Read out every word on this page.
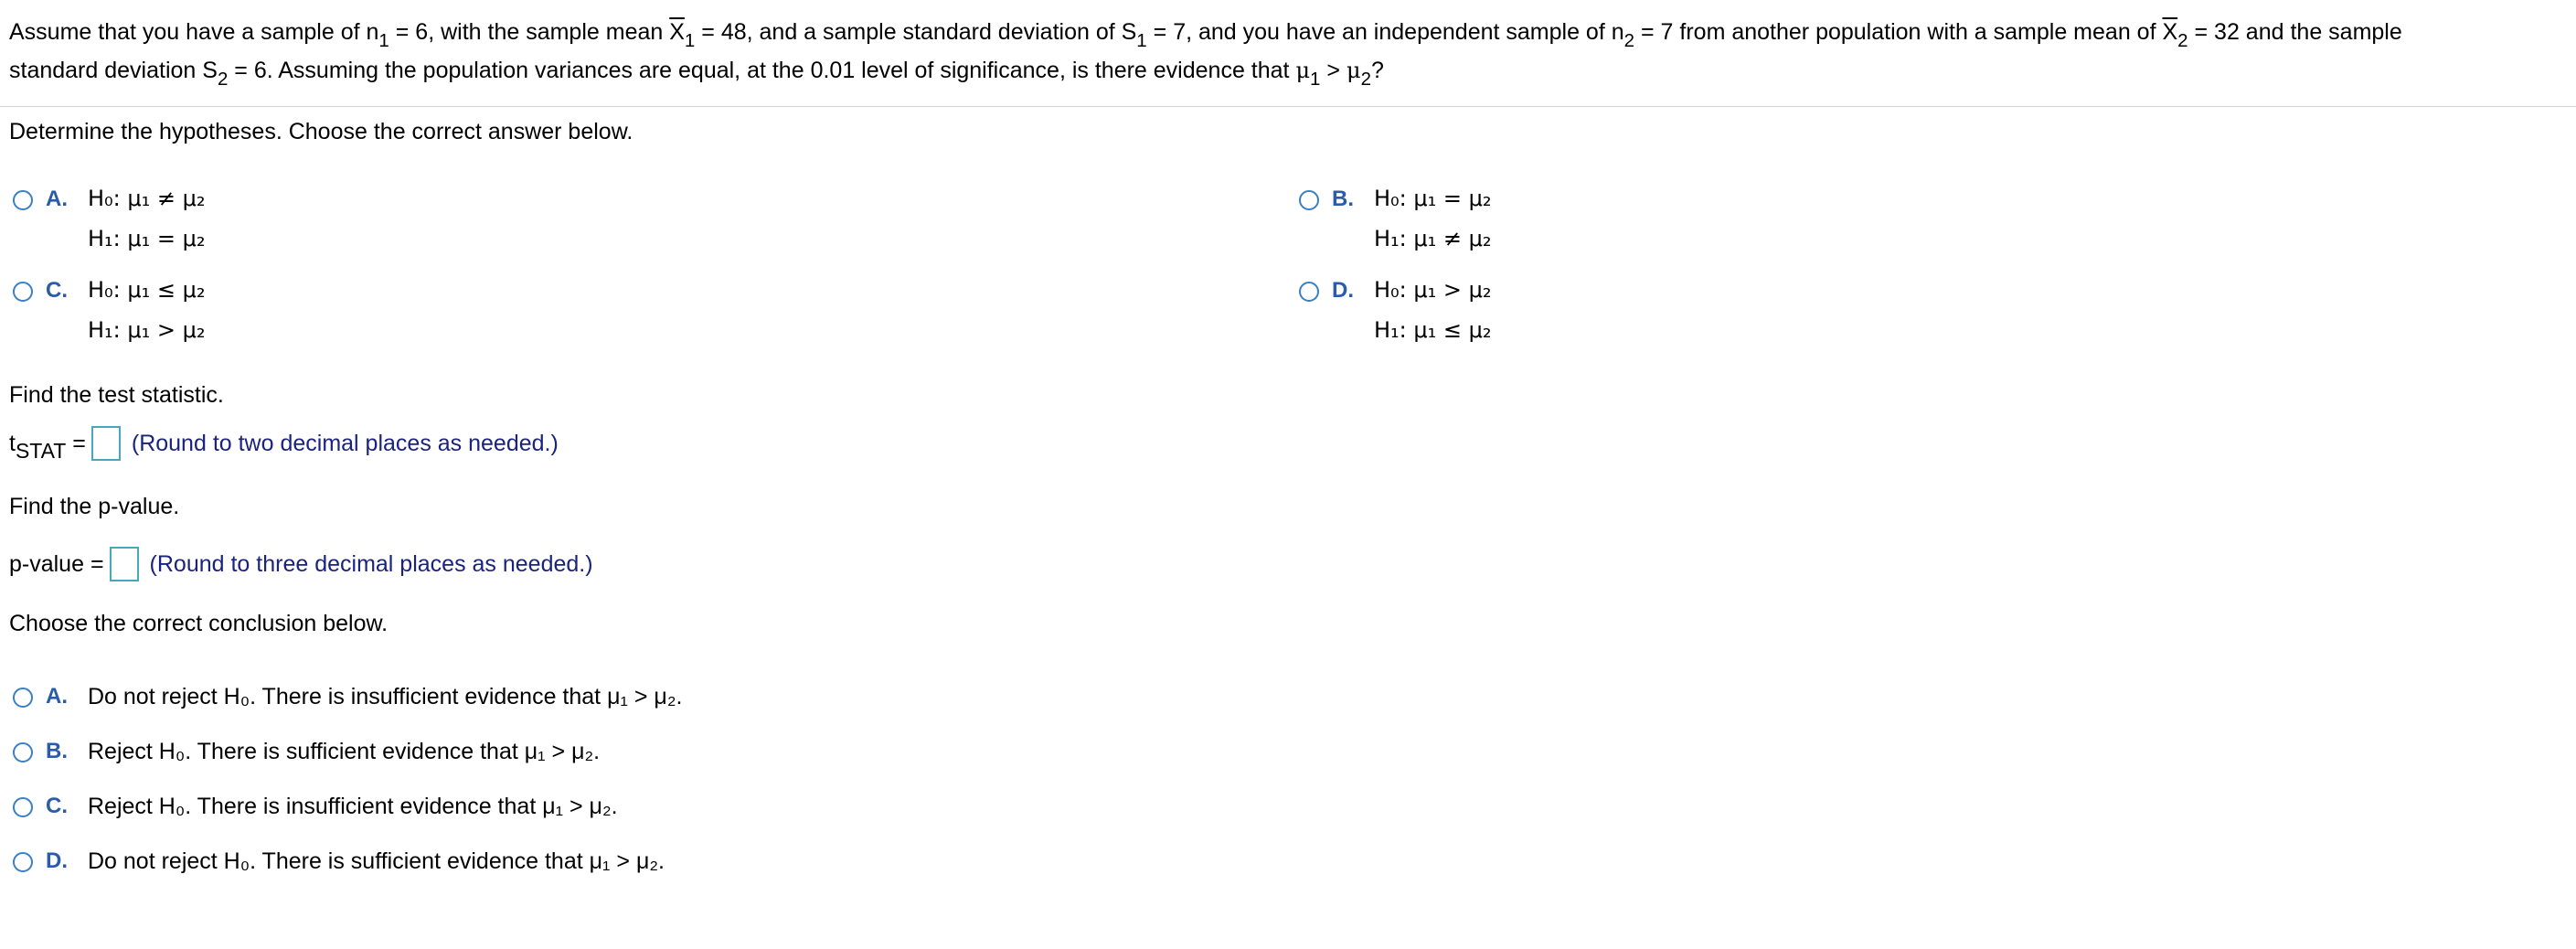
Assume that you have a sample of $n_1 = 6$, with the sample mean $\overline{X}_1 = 48$, and a sample standard deviation of $S_1 = 7$, and you have an independent sample of $n_2 = 7$ from another population with a sample mean of $\overline{X}_2 = 32$ and the sample
standard deviation $S_2 = 6$. Assuming the population variances are equal, at the 0.01 level of significance, is there evidence that $\mu_1 > \mu_2$?
Determine the hypotheses. Choose the correct answer below.
A. H₀: μ₁ ≠ μ₂
H₁: μ₁ = μ₂
B. H₀: μ₁ = μ₂
H₁: μ₁ ≠ μ₂
C. H₀: μ₁ ≤ μ₂
H₁: μ₁ > μ₂
D. H₀: μ₁ > μ₂
H₁: μ₁ ≤ μ₂
Find the test statistic.
tSTAT = (Round to two decimal places as needed.)
Find the p-value.
p-value = (Round to three decimal places as needed.)
Choose the correct conclusion below.
A. Do not reject H₀. There is insufficient evidence that μ₁ > μ₂.
B. Reject H₀. There is sufficient evidence that μ₁ > μ₂.
C. Reject H₀. There is insufficient evidence that μ₁ > μ₂.
D. Do not reject H₀. There is sufficient evidence that μ₁ > μ₂.
